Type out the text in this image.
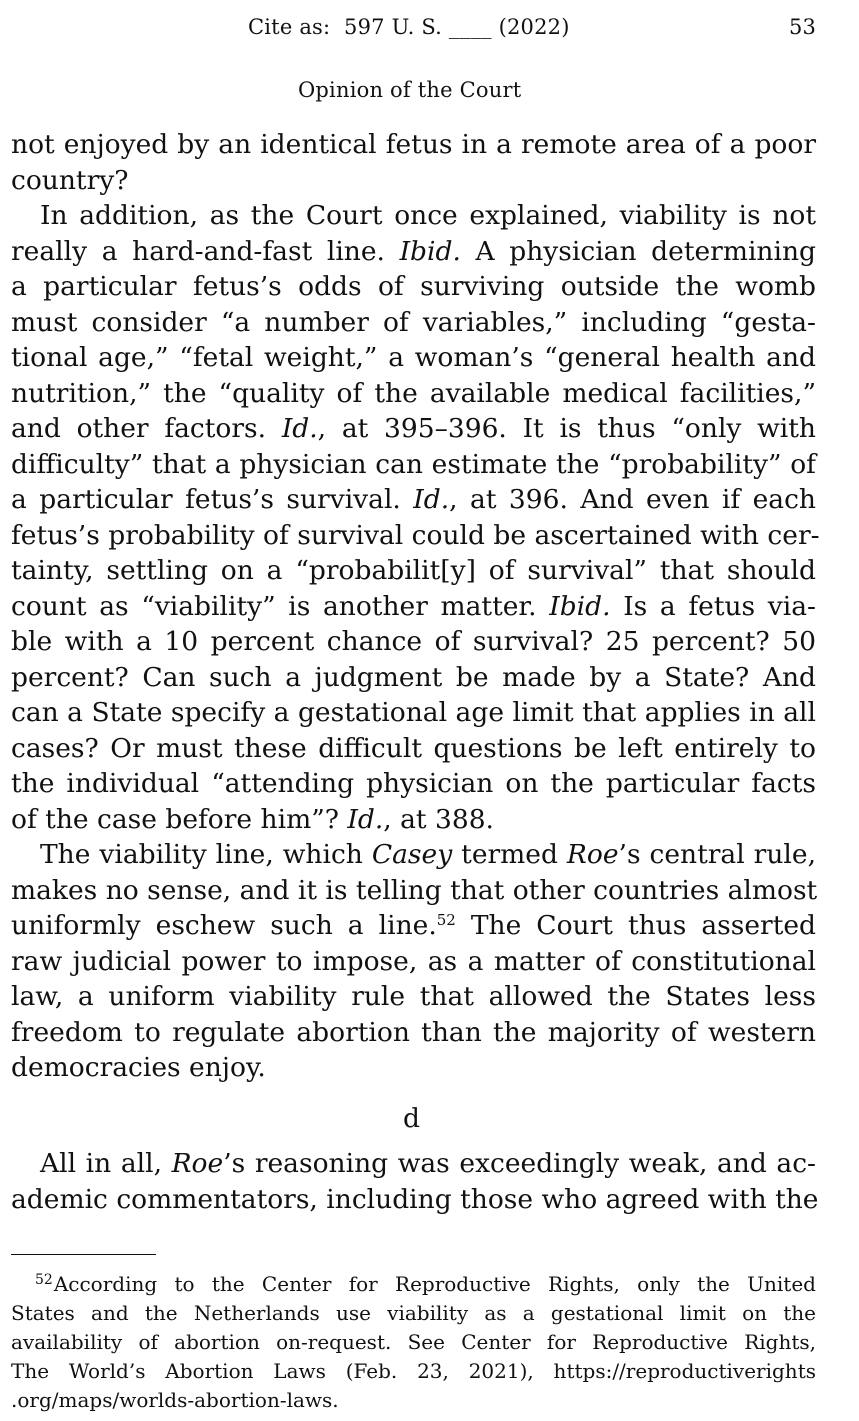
Cite as:  597 U. S. ____ (2022)	53
Opinion of the Court
not enjoyed by an identical fetus in a remote area of a poor
country?
In addition, as the Court once explained, viability is not
really a hard-and-fast line. Ibid. A physician determining
a particular fetus’s odds of surviving outside the womb
must consider “a number of variables,” including “gesta-
tional age,” “fetal weight,” a woman’s “general health and
nutrition,” the “quality of the available medical facilities,”
and other factors. Id., at 395–396. It is thus “only with
difficulty” that a physician can estimate the “probability” of
a particular fetus’s survival. Id., at 396. And even if each
fetus’s probability of survival could be ascertained with cer-
tainty, settling on a “probabilit[y] of survival” that should
count as “viability” is another matter. Ibid. Is a fetus via-
ble with a 10 percent chance of survival? 25 percent? 50
percent? Can such a judgment be made by a State? And
can a State specify a gestational age limit that applies in all
cases? Or must these difficult questions be left entirely to
the individual “attending physician on the particular facts
of the case before him”? Id., at 388.
The viability line, which Casey termed Roe’s central rule,
makes no sense, and it is telling that other countries almost
uniformly eschew such a line.$^{52}$ The Court thus asserted
raw judicial power to impose, as a matter of constitutional
law, a uniform viability rule that allowed the States less
freedom to regulate abortion than the majority of western
democracies enjoy.
d
All in all, Roe’s reasoning was exceedingly weak, and ac-
ademic commentators, including those who agreed with the
$^{52}$According to the Center for Reproductive Rights, only the United
States and the Netherlands use viability as a gestational limit on the
availability of abortion on-request. See Center for Reproductive Rights,
The World’s Abortion Laws (Feb. 23, 2021), https://reproductiverights
.org/maps/worlds-abortion-laws.
